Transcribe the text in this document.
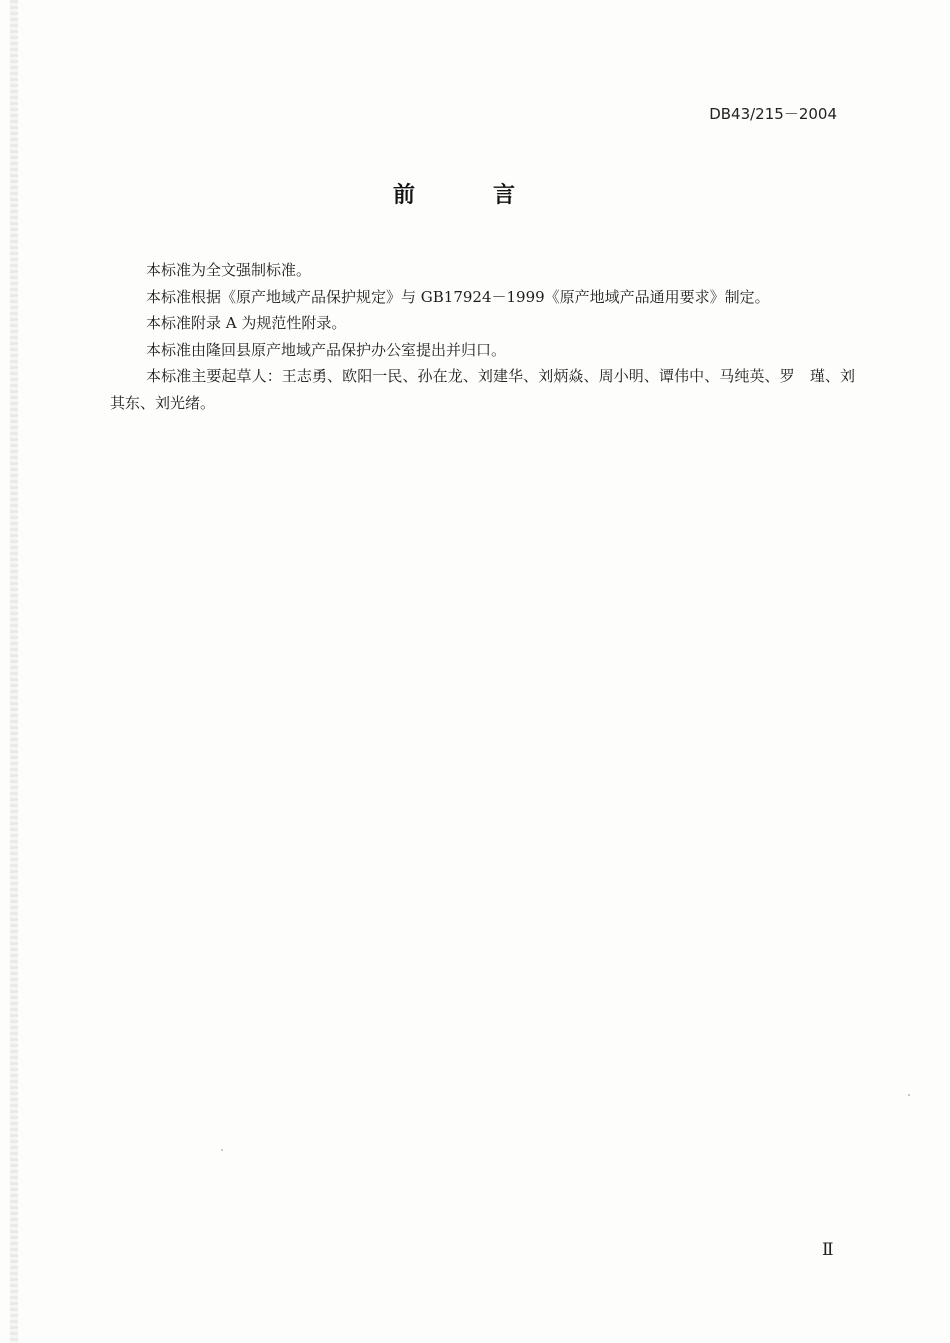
DB43/215－2004
前言

本标准为全文强制标准。

本标准根据《原产地域产品保护规定》与 GB17924－1999《原产地域产品通用要求》制定。

本标准附录 A 为规范性附录。

本标准由隆回县原产地域产品保护办公室提出并归口。

本标准主要起草人：王志勇、欧阳一民、孙在龙、刘建华、刘炳焱、周小明、谭伟中、马纯英、罗　瑾、刘其东、刘光绪。

Ⅱ
